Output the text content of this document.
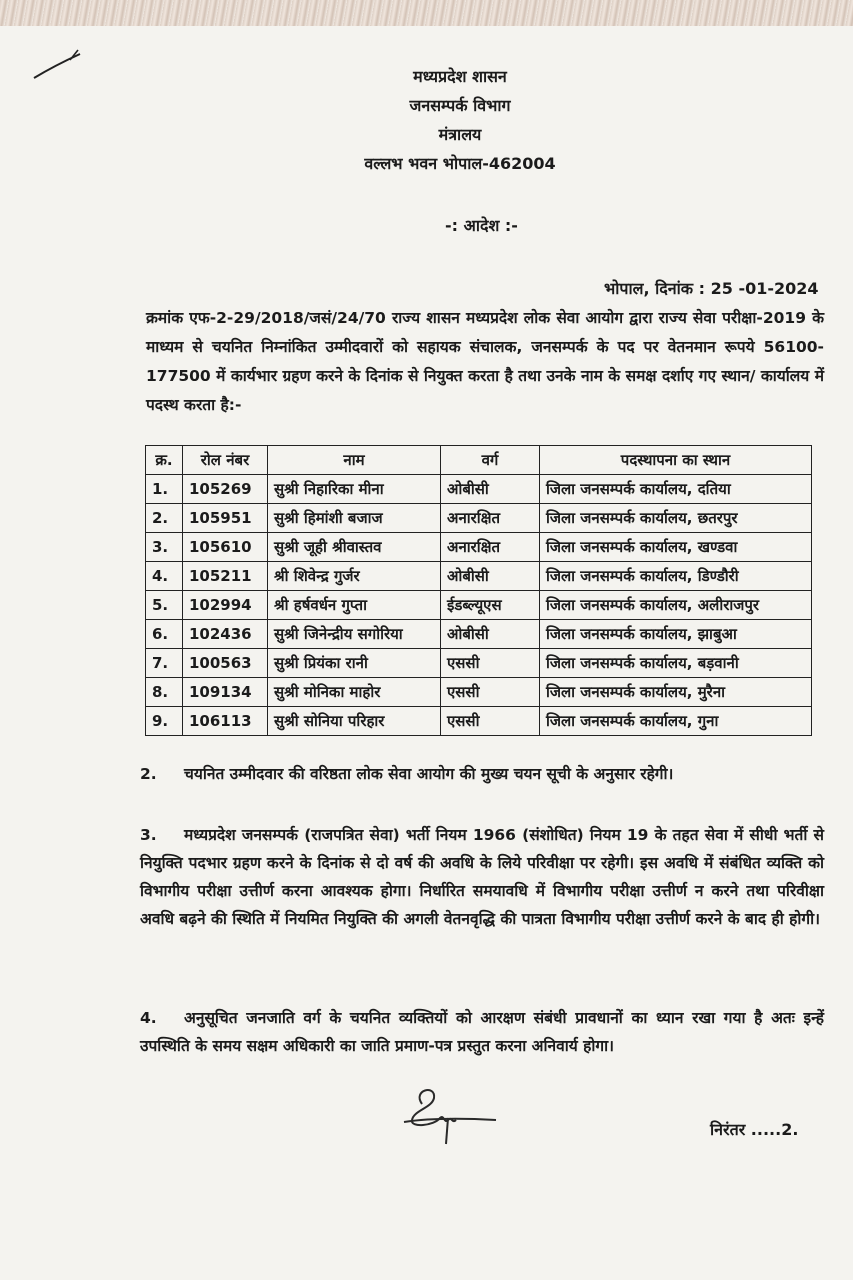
मध्यप्रदेश शासन
जनसम्पर्क विभाग
मंत्रालय
वल्लभ भवन भोपाल-462004
-: आदेश :-
भोपाल, दिनांक : 25 -01-2024
क्रमांक एफ-2-29/2018/जसं/24/70 राज्य शासन मध्यप्रदेश लोक सेवा आयोग द्वारा राज्य सेवा परीक्षा-2019 के माध्यम से चयनित निम्नांकित उम्मीदवारों को सहायक संचालक, जनसम्पर्क के पद पर वेतनमान रूपये 56100-177500 में कार्यभार ग्रहण करने के दिनांक से नियुक्त करता है तथा उनके नाम के समक्ष दर्शाए गए स्थान/ कार्यालय में पदस्थ करता है:-
क्र.	रोल नंबर	नाम	वर्ग	पदस्थापना का स्थान
1.	105269	सुश्री निहारिका मीना	ओबीसी	जिला जनसम्पर्क कार्यालय, दतिया
2.	105951	सुश्री हिमांशी बजाज	अनारक्षित	जिला जनसम्पर्क कार्यालय, छतरपुर
3.	105610	सुश्री जूही श्रीवास्तव	अनारक्षित	जिला जनसम्पर्क कार्यालय, खण्डवा
4.	105211	श्री शिवेन्द्र गुर्जर	ओबीसी	जिला जनसम्पर्क कार्यालय, डिण्डौरी
5.	102994	श्री हर्षवर्धन गुप्ता	ईडब्ल्यूएस	जिला जनसम्पर्क कार्यालय, अलीराजपुर
6.	102436	सुश्री जिनेन्द्रीय सगोरिया	ओबीसी	जिला जनसम्पर्क कार्यालय, झाबुआ
7.	100563	सुश्री प्रियंका रानी	एससी	जिला जनसम्पर्क कार्यालय, बड़वानी
8.	109134	सुश्री मोनिका माहोर	एससी	जिला जनसम्पर्क कार्यालय, मुरैना
9.	106113	सुश्री सोनिया परिहार	एससी	जिला जनसम्पर्क कार्यालय, गुना
2. चयनित उम्मीदवार की वरिष्ठता लोक सेवा आयोग की मुख्य चयन सूची के अनुसार रहेगी।
3. मध्यप्रदेश जनसम्पर्क (राजपत्रित सेवा) भर्ती नियम 1966 (संशोधित) नियम 19 के तहत सेवा में सीधी भर्ती से नियुक्ति पदभार ग्रहण करने के दिनांक से दो वर्ष की अवधि के लिये परिवीक्षा पर रहेगी। इस अवधि में संबंधित व्यक्ति को विभागीय परीक्षा उत्तीर्ण करना आवश्यक होगा। निर्धारित समयावधि में विभागीय परीक्षा उत्तीर्ण न करने तथा परिवीक्षा अवधि बढ़ने की स्थिति में नियमित नियुक्ति की अगली वेतनवृद्धि की पात्रता विभागीय परीक्षा उत्तीर्ण करने के बाद ही होगी।
4. अनुसूचित जनजाति वर्ग के चयनित व्यक्तियों को आरक्षण संबंधी प्रावधानों का ध्यान रखा गया है अतः इन्हें उपस्थिति के समय सक्षम अधिकारी का जाति प्रमाण-पत्र प्रस्तुत करना अनिवार्य होगा।
निरंतर .....2.
